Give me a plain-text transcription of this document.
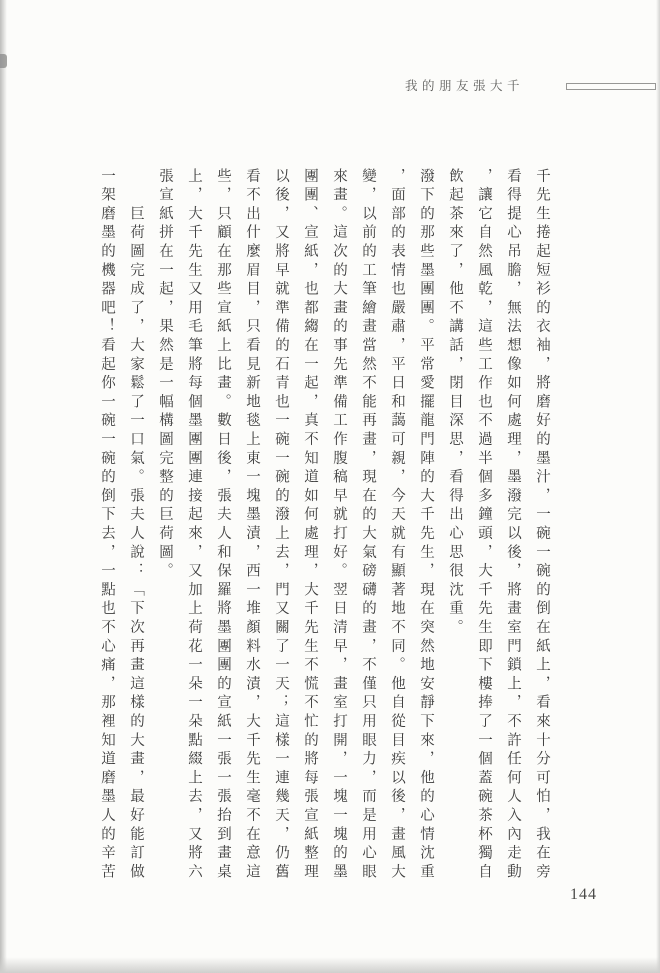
我的朋友張大千
千先生捲起短衫的衣袖，將磨好的墨汁，一碗一碗的倒在紙上，看來十分可怕，我在旁
看得提心吊膽，無法想像如何處理，墨潑完以後，將畫室門鎖上，不許任何人入內走動
，讓它自然風乾，這些工作也不過半個多鐘頭，大千先生即下樓捧了一個蓋碗茶杯獨自
飲起茶來了，他不講話，閉目深思，看得出心思很沈重。
潑下的那些墨團團。平常愛擺龍門陣的大千先生，現在突然地安靜下來，他的心情沈重
，面部的表情也嚴肅，平日和藹可親，今天就有顯著地不同。他自從目疾以後，畫風大
變，以前的工筆繪畫當然不能再畫，現在的大氣磅礴的畫，不僅只用眼力，而是用心眼
來畫。這次的大畫的事先準備工作腹稿早就打好。翌日清早，畫室打開，一塊一塊的墨
團團、宣紙，也都縐在一起，真不知道如何處理，大千先生不慌不忙的將每張宣紙整理
以後，又將早就準備的石青也一碗一碗的潑上去，門又關了一天；這樣一連幾天，仍舊
看不出什麼眉目，只看見新地毯上東一塊墨漬，西一堆顏料水漬，大千先生毫不在意這
些，只顧在那些宣紙上比畫。數日後，張夫人和保羅將墨團團的宣紙一張一張抬到畫桌
上，大千先生又用毛筆將每個墨團團連接起來，又加上荷花一朵一朵點綴上去，又將六
張宣紙拼在一起，果然是一幅構圖完整的巨荷圖。
　　巨荷圖完成了，大家鬆了一口氣。張夫人說：「下次再畫這樣的大畫，最好能訂做
一架磨墨的機器吧！看起你一碗一碗的倒下去，一點也不心痛，那裡知道磨墨人的辛苦
144
